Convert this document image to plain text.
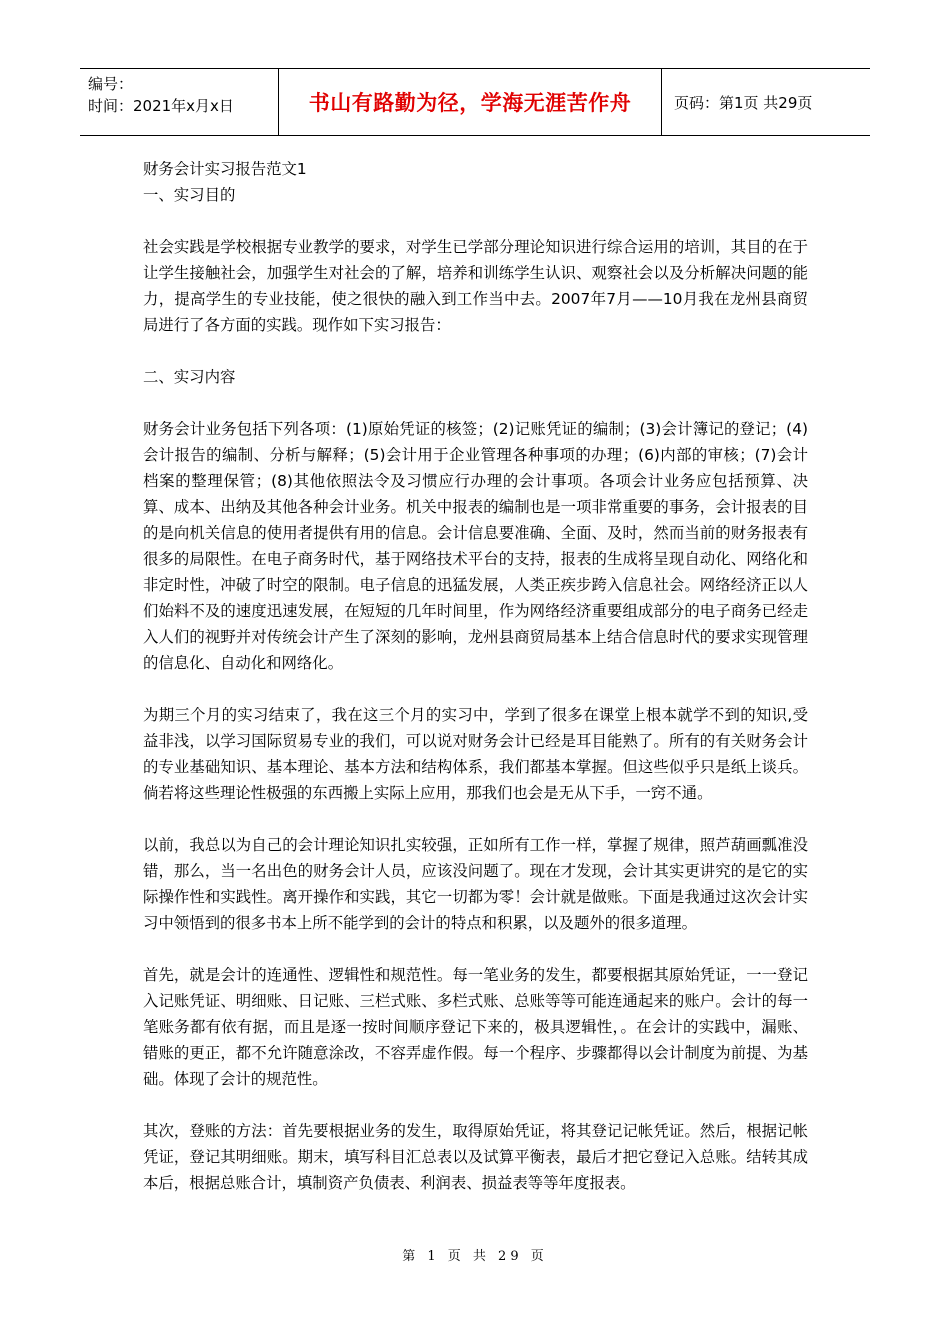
编号：
时间：2021年x月x日	书山有路勤为径，学海无涯苦作舟	页码：第1页 共29页

财务会计实习报告范文1

一、实习目的

社会实践是学校根据专业教学的要求，对学生已学部分理论知识进行综合运用的培训，其目的在于让学生接触社会，加强学生对社会的了解，培养和训练学生认识、观察社会以及分析解决问题的能力，提高学生的专业技能，使之很快的融入到工作当中去。2007年7月——10月我在龙州县商贸局进行了各方面的实践。现作如下实习报告：

二、实习内容

财务会计业务包括下列各项：(1)原始凭证的核签；(2)记账凭证的编制；(3)会计簿记的登记；(4)会计报告的编制、分析与解释；(5)会计用于企业管理各种事项的办理；(6)内部的审核；(7)会计档案的整理保管；(8)其他依照法令及习惯应行办理的会计事项。各项会计业务应包括预算、决算、成本、出纳及其他各种会计业务。机关中报表的编制也是一项非常重要的事务，会计报表的目的是向机关信息的使用者提供有用的信息。会计信息要准确、全面、及时，然而当前的财务报表有很多的局限性。在电子商务时代，基于网络技术平台的支持，报表的生成将呈现自动化、网络化和非定时性，冲破了时空的限制。电子信息的迅猛发展，人类正疾步跨入信息社会。网络经济正以人们始料不及的速度迅速发展，在短短的几年时间里，作为网络经济重要组成部分的电子商务已经走入人们的视野并对传统会计产生了深刻的影响，龙州县商贸局基本上结合信息时代的要求实现管理的信息化、自动化和网络化。

为期三个月的实习结束了，我在这三个月的实习中，学到了很多在课堂上根本就学不到的知识,受益非浅，以学习国际贸易专业的我们，可以说对财务会计已经是耳目能熟了。所有的有关财务会计的专业基础知识、基本理论、基本方法和结构体系，我们都基本掌握。但这些似乎只是纸上谈兵。倘若将这些理论性极强的东西搬上实际上应用，那我们也会是无从下手，一窍不通。

以前，我总以为自己的会计理论知识扎实较强，正如所有工作一样，掌握了规律，照芦葫画瓢准没错，那么，当一名出色的财务会计人员，应该没问题了。现在才发现，会计其实更讲究的是它的实际操作性和实践性。离开操作和实践，其它一切都为零！会计就是做账。下面是我通过这次会计实习中领悟到的很多书本上所不能学到的会计的特点和积累，以及题外的很多道理。

首先，就是会计的连通性、逻辑性和规范性。每一笔业务的发生，都要根据其原始凭证，一一登记入记账凭证、明细账、日记账、三栏式账、多栏式账、总账等等可能连通起来的账户。会计的每一笔账务都有依有据，而且是逐一按时间顺序登记下来的，极具逻辑性，。在会计的实践中，漏账、错账的更正，都不允许随意涂改，不容弄虚作假。每一个程序、步骤都得以会计制度为前提、为基础。体现了会计的规范性。

其次，登账的方法：首先要根据业务的发生，取得原始凭证，将其登记记帐凭证。然后，根据记帐凭证，登记其明细账。期末，填写科目汇总表以及试算平衡表，最后才把它登记入总账。结转其成本后，根据总账合计，填制资产负债表、利润表、损益表等等年度报表。

第 1 页 共 29 页
